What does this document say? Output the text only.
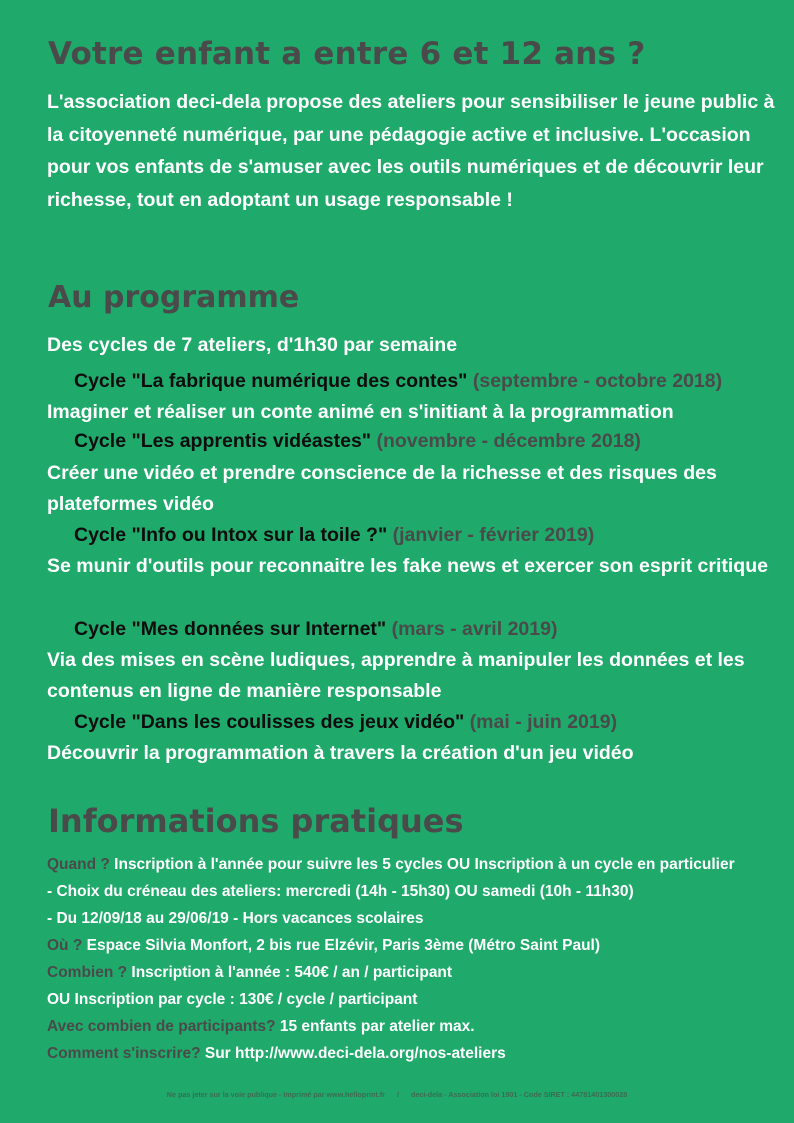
Votre enfant a entre 6 et 12 ans ?

L'association deci-dela propose des ateliers pour sensibiliser le jeune public à la citoyenneté numérique, par une pédagogie active et inclusive. L'occasion pour vos enfants de s'amuser avec les outils numériques et de découvrir leur richesse, tout en adoptant un usage responsable !

Au programme

Des cycles de 7 ateliers, d'1h30 par semaine

Cycle "La fabrique numérique des contes" (septembre - octobre 2018)

Imaginer et réaliser un conte animé en s'initiant à la programmation

Cycle "Les apprentis vidéastes" (novembre - décembre 2018)

Créer une vidéo et prendre conscience de la richesse et des risques des plateformes vidéo

Cycle "Info ou Intox sur la toile ?" (janvier - février 2019)

Se munir d'outils pour reconnaitre les fake news et exercer son esprit critique

Cycle "Mes données sur Internet" (mars - avril 2019)

Via des mises en scène ludiques, apprendre à manipuler les données et les contenus en ligne de manière responsable

Cycle "Dans les coulisses des jeux vidéo" (mai - juin 2019)

Découvrir la programmation à travers la création d'un jeu vidéo

Informations pratiques

Quand ? Inscription à l'année pour suivre les 5 cycles OU Inscription à un cycle en particulier

- Choix du créneau des ateliers: mercredi (14h - 15h30) OU samedi (10h - 11h30)

- Du 12/09/18 au 29/06/19 - Hors vacances scolaires

Où ? Espace Silvia Monfort, 2 bis rue Elzévir, Paris 3ème (Métro Saint Paul)

Combien ? Inscription à l'année : 540€ / an / participant

OU Inscription par cycle : 130€ / cycle / participant

Avec combien de participants? 15 enfants par atelier max.

Comment s'inscrire? Sur http://www.deci-dela.org/nos-ateliers

Ne pas jeter sur la voie publique - Imprimé par www.helloprint.fr / deci-dela - Association loi 1901 - Code SIRET : 44781401300028
